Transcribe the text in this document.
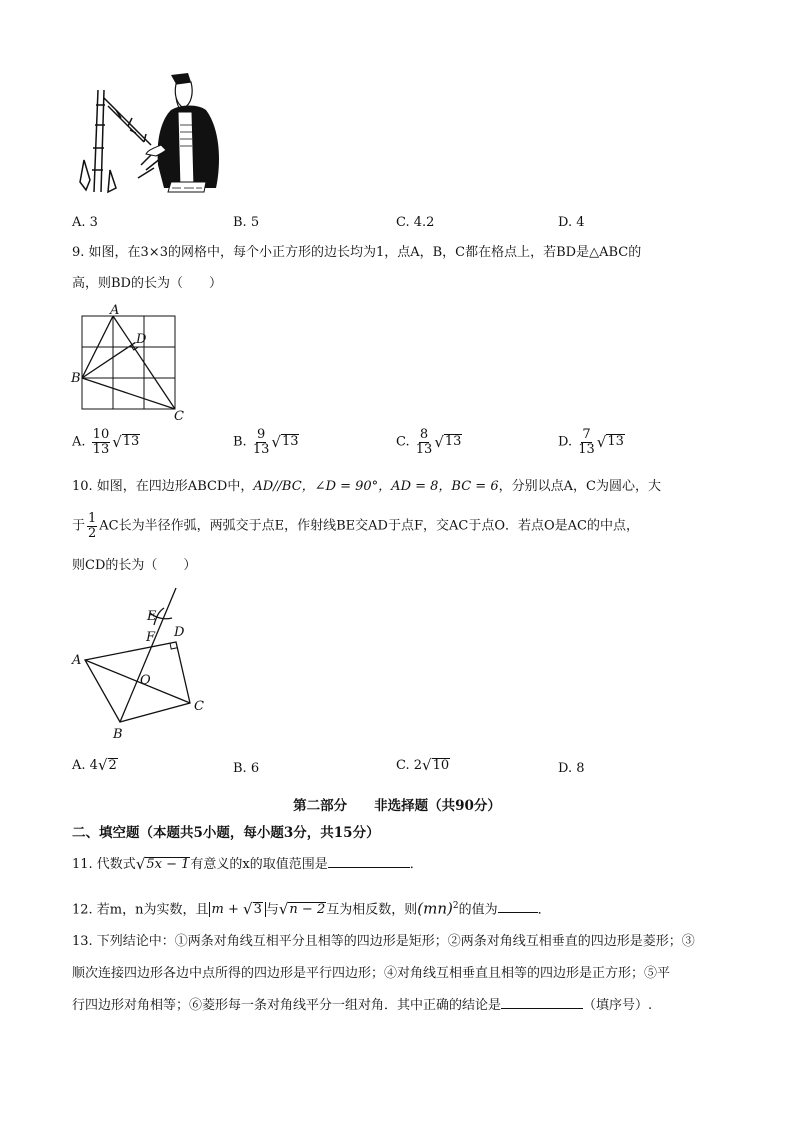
A. 3	B. 5	C. 4.2	D. 4
9. 如图，在3×3的网格中，每个小正方形的边长均为1，点A，B，C都在格点上，若BD是△ABC的
高，则BD的长为（　　）
A
B
C
D
A. $\frac{10}{13}$ √ 13	B. $\frac{9}{13}$ √ 13	C. $\frac{8}{13}$ √ 13	D. $\frac{7}{13}$ √ 13
10. 如图，在四边形ABCD中，AD//BC，∠D = 90°，AD = 8，BC = 6，分别以点A，C为圆心，大
于 $\frac{1}{2}$ AC长为半径作弧，两弧交于点E，作射线BE交AD于点F，交AC于点O．若点O是AC的中点，
则CD的长为（　　）
E
F D
A
O
C
B
A. 4 √ 2	B. 6	C. 2 √ 10	D. 8
第二部分　　非选择题（共90分）
二、填空题（本题共5小题，每小题3分，共15分）
11. 代数式 √ 5x − 1 有意义的x的取值范围是	．
12. 若m，n为实数，且 m + √ 3 与 √ n − 2 互为相反数，则(mn)$^2$的值为	．
13. 下列结论中：①两条对角线互相平分且相等的四边形是矩形；②两条对角线互相垂直的四边形是菱形；③
顺次连接四边形各边中点所得的四边形是平行四边形；④对角线互相垂直且相等的四边形是正方形；⑤平
行四边形对角相等；⑥菱形每一条对角线平分一组对角．其中正确的结论是	（填序号）.
